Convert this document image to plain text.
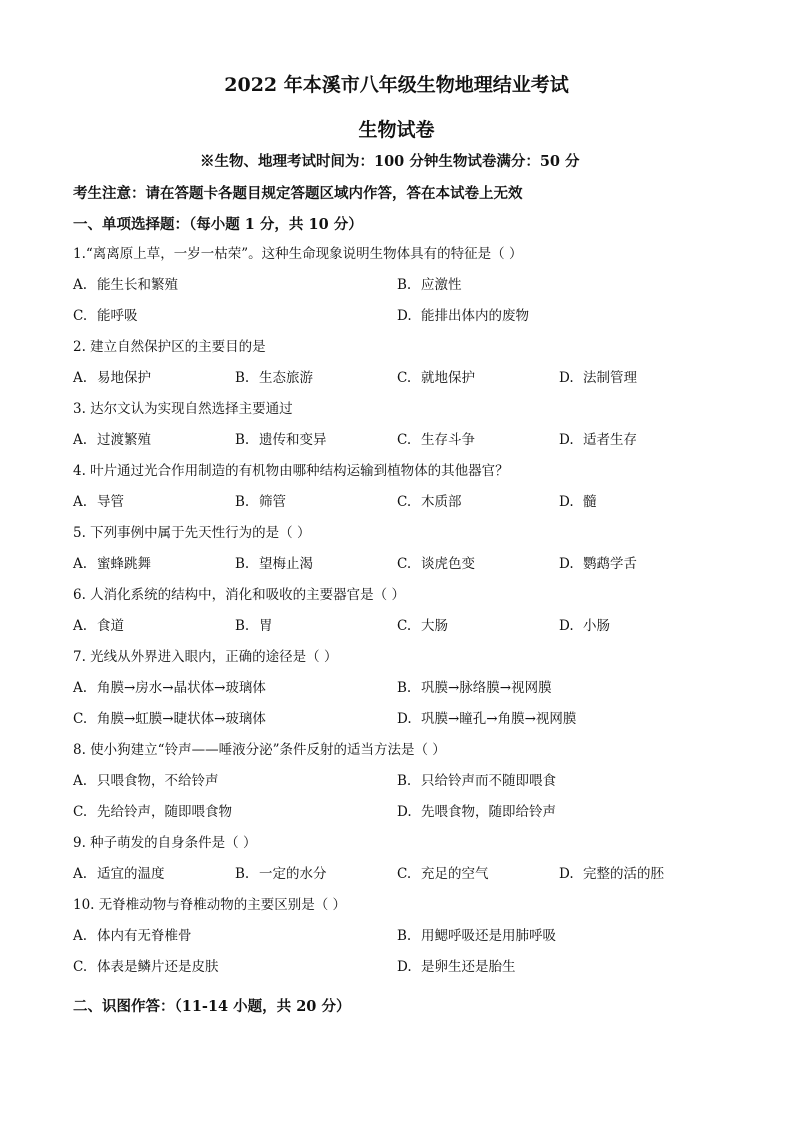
2022 年本溪市八年级生物地理结业考试
生物试卷
※生物、地理考试时间为：100 分钟生物试卷满分：50 分
考生注意：请在答题卡各题目规定答题区域内作答，答在本试卷上无效
一、单项选择题：（每小题 1 分，共 10 分）
1.“离离原上草，一岁一枯荣”。这种生命现象说明生物体具有的特征是（ ）
A. 能生长和繁殖	B. 应激性
C. 能呼吸	D. 能排出体内的废物
2. 建立自然保护区的主要目的是
A. 易地保护	B. 生态旅游	C. 就地保护	D. 法制管理
3. 达尔文认为实现自然选择主要通过
A. 过渡繁殖	B. 遗传和变异	C. 生存斗争	D. 适者生存
4. 叶片通过光合作用制造的有机物由哪种结构运输到植物体的其他器官？
A. 导管	B. 筛管	C. 木质部	D. 髓
5. 下列事例中属于先天性行为的是（ ）
A. 蜜蜂跳舞	B. 望梅止渴	C. 谈虎色变	D. 鹦鹉学舌
6. 人消化系统的结构中，消化和吸收的主要器官是（ ）
A. 食道	B. 胃	C. 大肠	D. 小肠
7. 光线从外界进入眼内，正确的途径是（ ）
A. 角膜→房水→晶状体→玻璃体	B. 巩膜→脉络膜→视网膜
C. 角膜→虹膜→睫状体→玻璃体	D. 巩膜→瞳孔→角膜→视网膜
8. 使小狗建立“铃声——唾液分泌”条件反射的适当方法是（ ）
A. 只喂食物，不给铃声	B. 只给铃声而不随即喂食
C. 先给铃声，随即喂食物	D. 先喂食物，随即给铃声
9. 种子萌发的自身条件是（ ）
A. 适宜的温度	B. 一定的水分	C. 充足的空气	D. 完整的活的胚
10. 无脊椎动物与脊椎动物的主要区别是（ ）
A. 体内有无脊椎骨	B. 用鳃呼吸还是用肺呼吸
C. 体表是鳞片还是皮肤	D. 是卵生还是胎生
二、识图作答：（11-14 小题，共 20 分）
